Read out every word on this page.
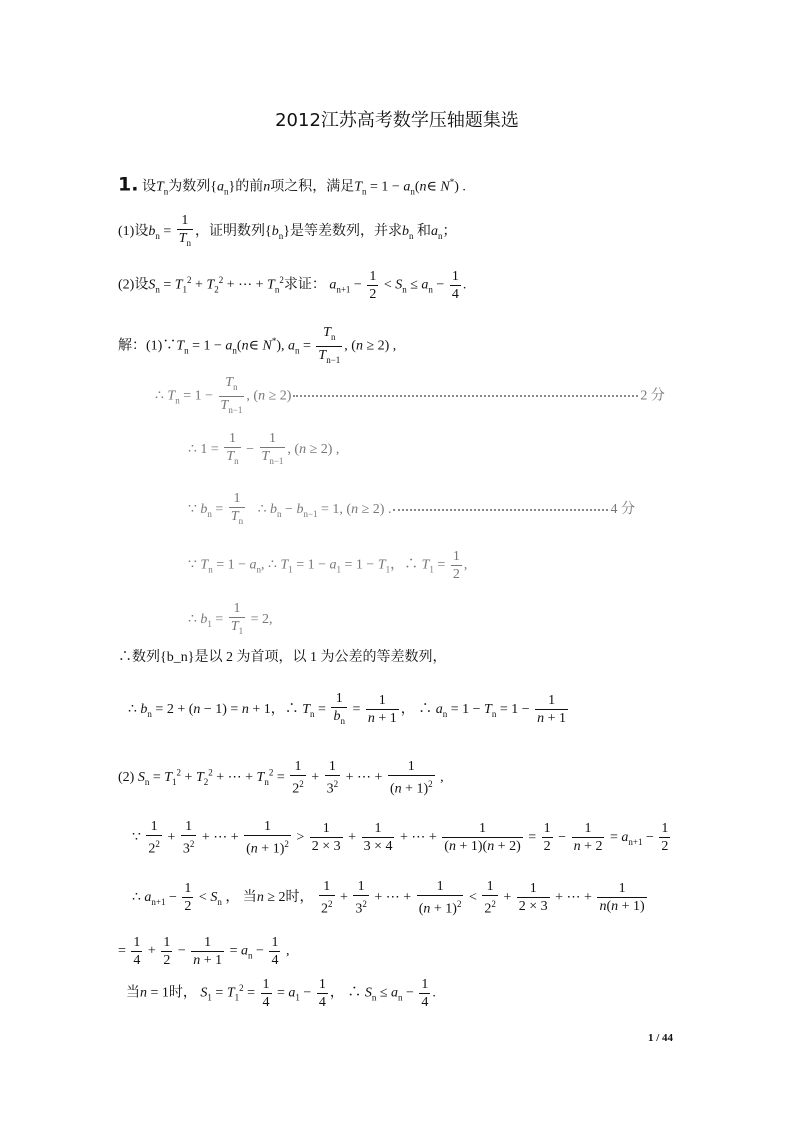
2012江苏高考数学压轴题集选
1. 设$T_n$为数列$\{a_n\}$的前n项之积，满足$T_n = 1$ − $a_n(n\in$ N*) .
(1)设$b_n = \frac{1}{T_n}$ ，证明数列$\{b_n\}$是等差数列，并求$b_n$ 和$a_n$；
(2)设$S_n = T_1^2 + T_2^2$ + ⋯ + $T_n^2$求证： $a_{n+1} - \frac{1}{2} < S_n \le a_n - \frac{1}{4}$ .
解：$(1)\because T_n = 1$ − $a_n(n\in$ N*), $a_n = \frac{T_n}{T_{n-1}}$ , (n ≥ 2) ,
∴ $T_n = 1 - \frac{T_n}{T_{n-1}}$ , (n ≥ 2)	2 分
∴ $1 = \frac{1}{T_n} - \frac{1}{T_{n-1}}$ , (n ≥ 2) ,
∵ $b_n = \frac{1}{T_n}$ ∴ $b_n - b_{n-1} = 1$, (n ≥ 2) .	4 分
∵ $T_n = 1 - a_n$, ∴ $T_1 = 1 - a_1 = 1 - T_1$，∴ $T_1 = \frac{1}{2}$ ,
∴ $b_1 = \frac{1}{T_1} = 2$,
∴数列{b_n}是以 2 为首项，以 1 为公差的等差数列，
∴ $b_n = 2 + (n - 1) = n + 1$，∴ $T_n = \frac{1}{b_n} = \frac{1}{n + 1}$ ， ∴ $a_n = 1 - T_n = 1 - \frac{1}{n + 1}$
(2) $S_n = T_1^2 + T_2^2$ + ⋯ + $T_n^2 = \frac{1}{2^2} + \frac{1}{3^2}$ + ⋯ + $\frac{1}{(n + 1)^2}$ ,
∵ $\frac{1}{2^2} + \frac{1}{3^2}$ + ⋯ + $\frac{1}{(n + 1)^2} > \frac{1}{2 \times 3} + \frac{1}{3 \times 4}$ + ⋯ + $\frac{1}{(n + 1)(n + 2)} = \frac{1}{2} - \frac{1}{n + 2} = a_{n+1} - \frac{1}{2}$
∴ $a_{n+1} - \frac{1}{2} < S_n$ ， 当n ≥ 2时， $\frac{1}{2^2} + \frac{1}{3^2}$ + ⋯ + $\frac{1}{(n + 1)^2} < \frac{1}{2^2} + \frac{1}{2 \times 3}$ + ⋯ + $\frac{1}{n(n + 1)}$
= $\frac{1}{4} + \frac{1}{2} - \frac{1}{n + 1} = a_n - \frac{1}{4}$ ,
当n = 1时， $S_1 = T_1^2 = \frac{1}{4} = a_1 - \frac{1}{4}$ ， ∴ $S_n \le a_n - \frac{1}{4}$ .
1 / 44
